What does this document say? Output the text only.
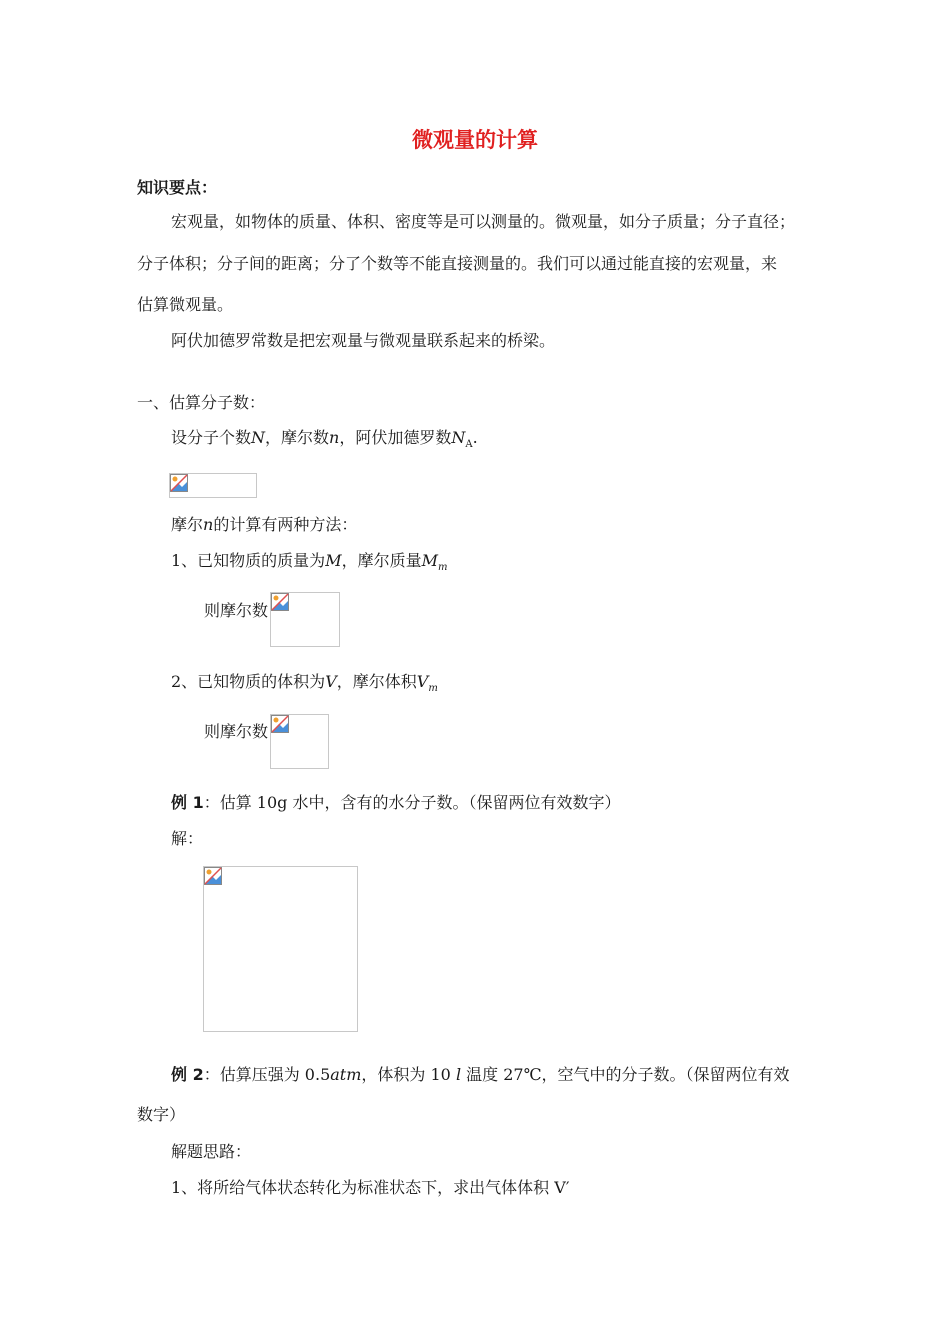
微观量的计算
知识要点：
宏观量，如物体的质量、体积、密度等是可以测量的。微观量，如分子质量；分子直径；
分子体积；分子间的距离；分了个数等不能直接测量的。我们可以通过能直接的宏观量，来
估算微观量。
阿伏加德罗常数是把宏观量与微观量联系起来的桥梁。
一、估算分子数：
设分子个数N，摩尔数n，阿伏加德罗数$N_A$.
摩尔n的计算有两种方法：
1、已知物质的质量为M，摩尔质量$M_m$
则摩尔数
2、已知物质的体积为V，摩尔体积$V_m$
则摩尔数
例 1：估算 10g 水中，含有的水分子数。（保留两位有效数字）
解：
例 2：估算压强为 0.5atm，体积为 10 l 温度 27℃，空气中的分子数。（保留两位有效
数字）
解题思路：
1、将所给气体状态转化为标准状态下，求出气体体积 V′
